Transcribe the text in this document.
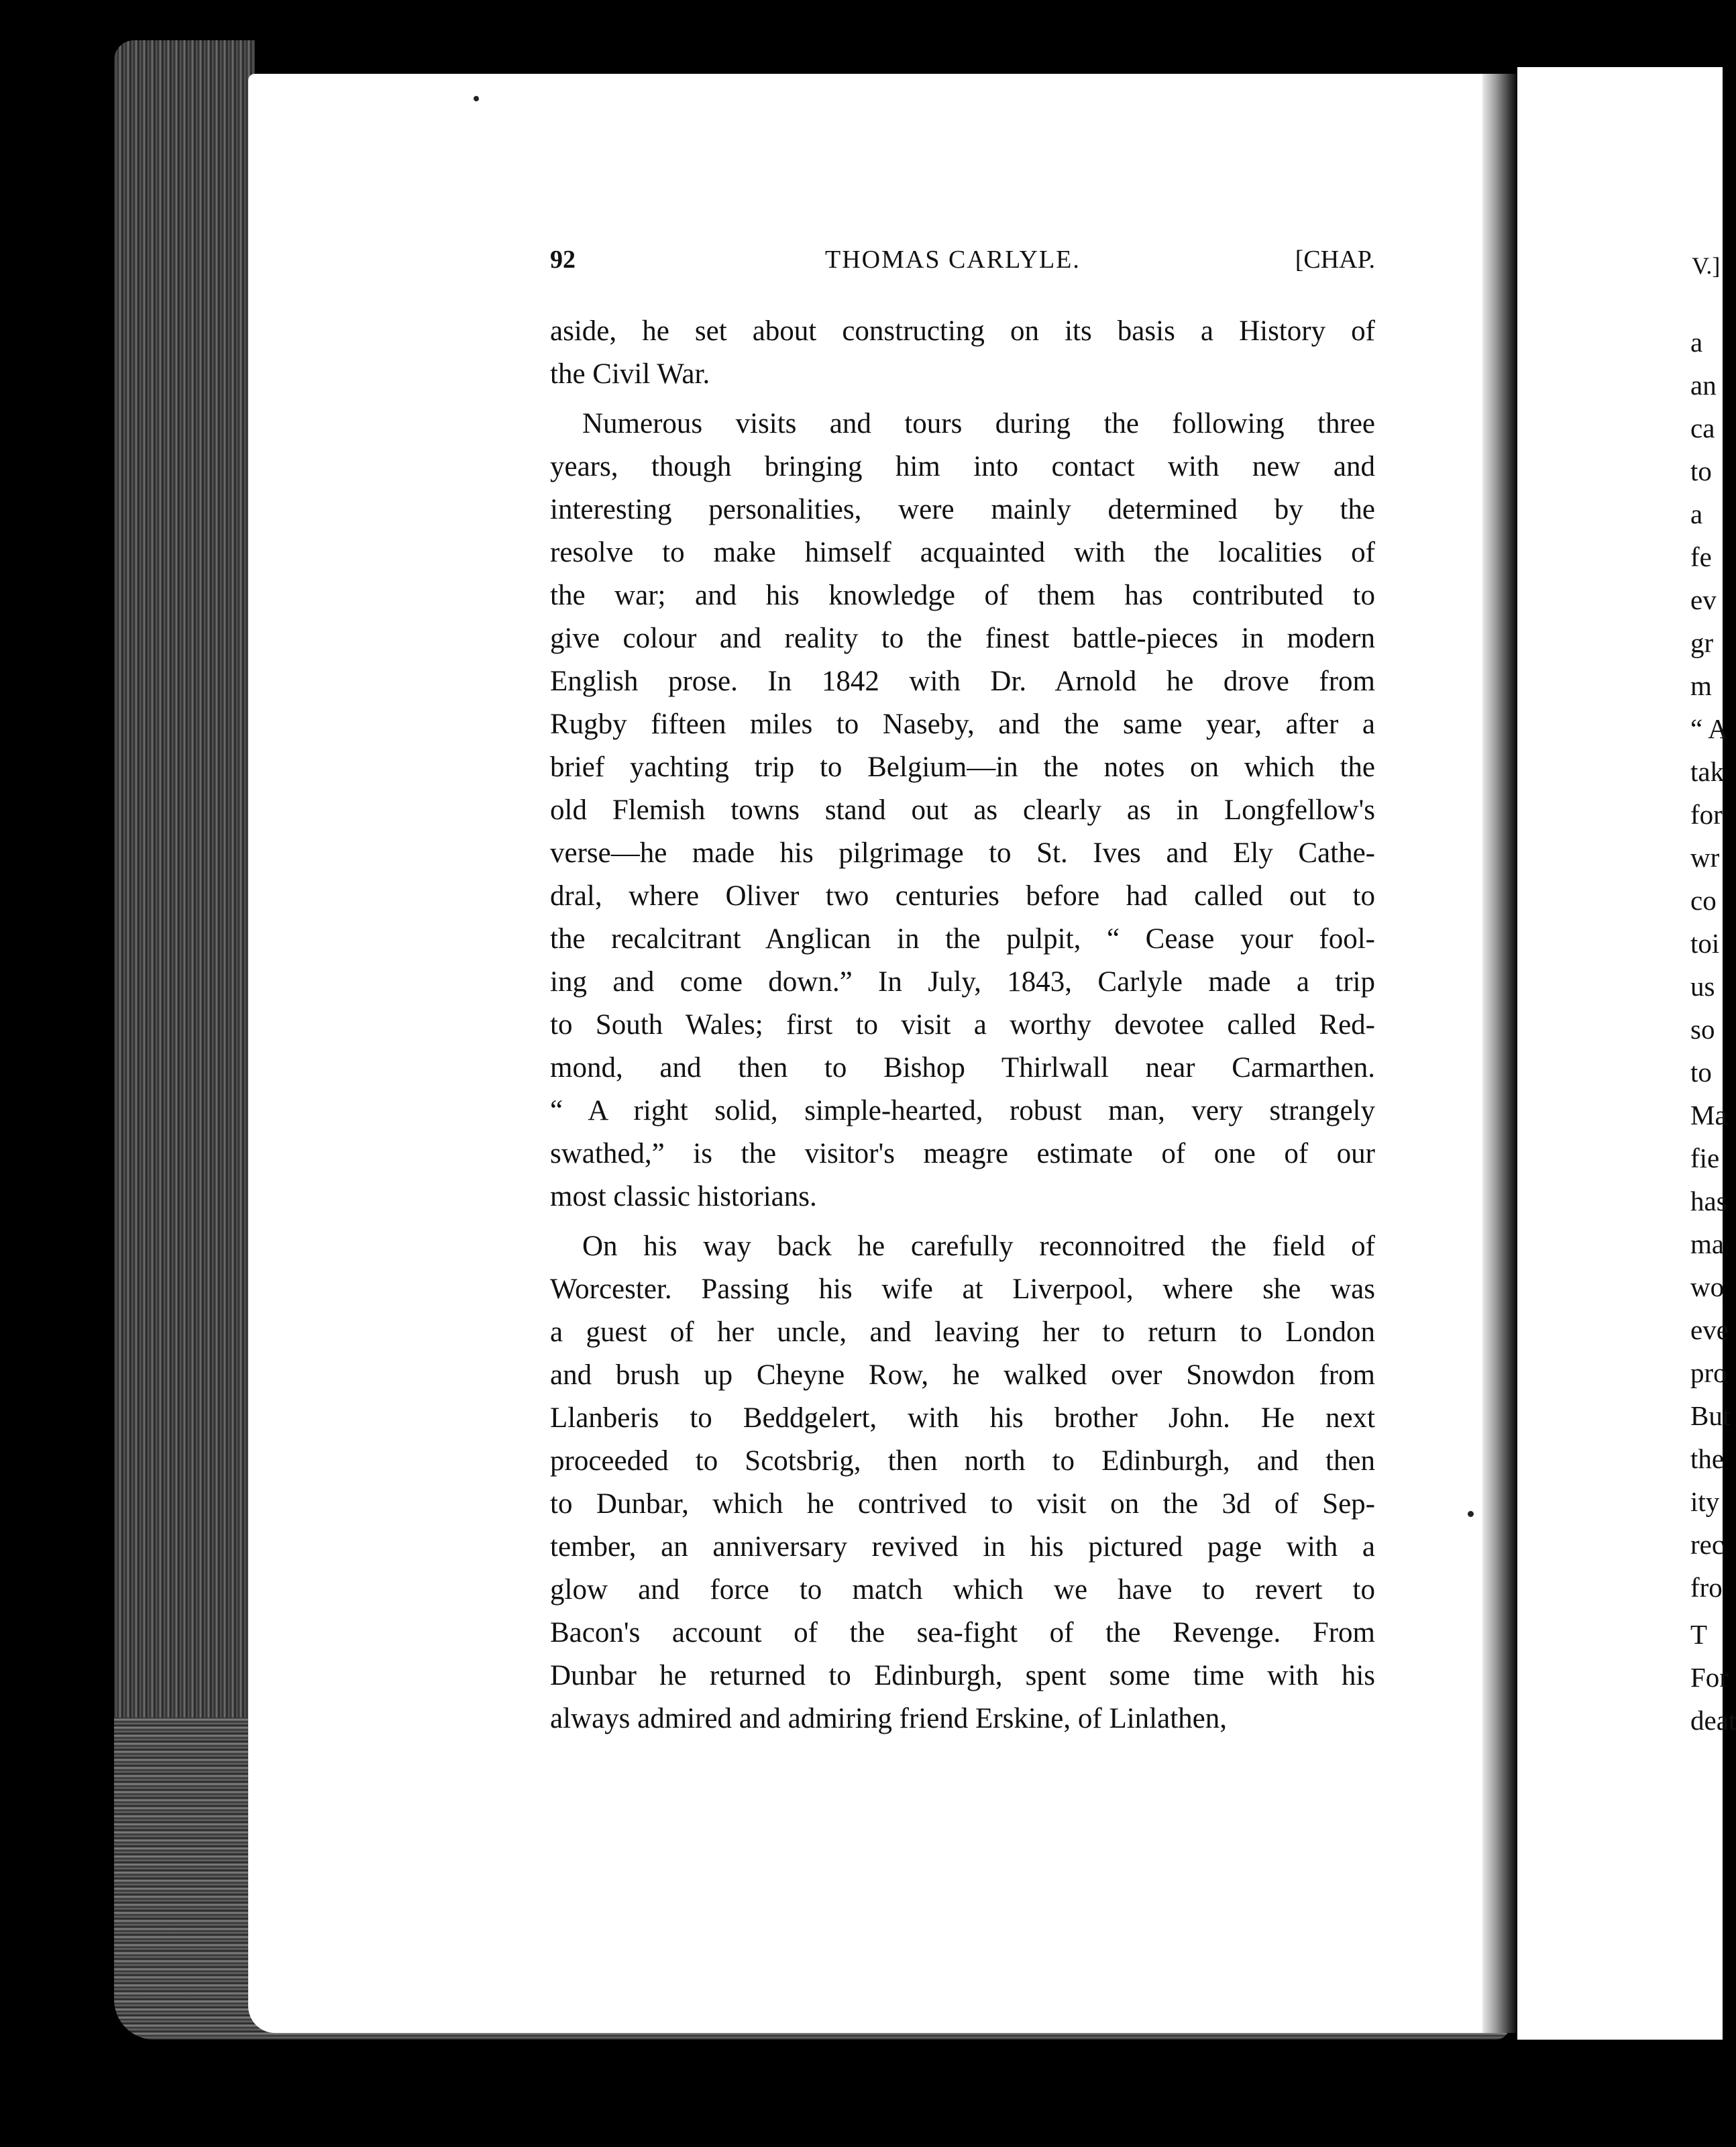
92	THOMAS CARLYLE.	[CHAP.
aside, he set about constructing on its basis a History of
the Civil War.
Numerous visits and tours during the following three
years, though bringing him into contact with new and
interesting personalities, were mainly determined by the
resolve to make himself acquainted with the localities of
the war; and his knowledge of them has contributed to
give colour and reality to the finest battle-pieces in modern
English prose. In 1842 with Dr. Arnold he drove from
Rugby fifteen miles to Naseby, and the same year, after a
brief yachting trip to Belgium—in the notes on which the
old Flemish towns stand out as clearly as in Longfellow's
verse—he made his pilgrimage to St. Ives and Ely Cathe-
dral, where Oliver two centuries before had called out to
the recalcitrant Anglican in the pulpit, “ Cease your fool-
ing and come down.” In July, 1843, Carlyle made a trip
to South Wales; first to visit a worthy devotee called Red-
mond, and then to Bishop Thirlwall near Carmarthen.
“ A right solid, simple-hearted, robust man, very strangely
swathed,” is the visitor's meagre estimate of one of our
most classic historians.
On his way back he carefully reconnoitred the field of
Worcester. Passing his wife at Liverpool, where she was
a guest of her uncle, and leaving her to return to London
and brush up Cheyne Row, he walked over Snowdon from
Llanberis to Beddgelert, with his brother John. He next
proceeded to Scotsbrig, then north to Edinburgh, and then
to Dunbar, which he contrived to visit on the 3d of Sep-
tember, an anniversary revived in his pictured page with a
glow and force to match which we have to revert to
Bacon's account of the sea-fight of the Revenge. From
Dunbar he returned to Edinburgh, spent some time with his
always admired and admiring friend Erskine, of Linlathen,
V.]
a
an
ca
to
a
fe
ev
gr
m
“ A
tak
for
wr
co
toi
us
so
to
Ma
fie
has
ma
wo
eve
pro
But
the
ity
rec
fro
T
For
deat
